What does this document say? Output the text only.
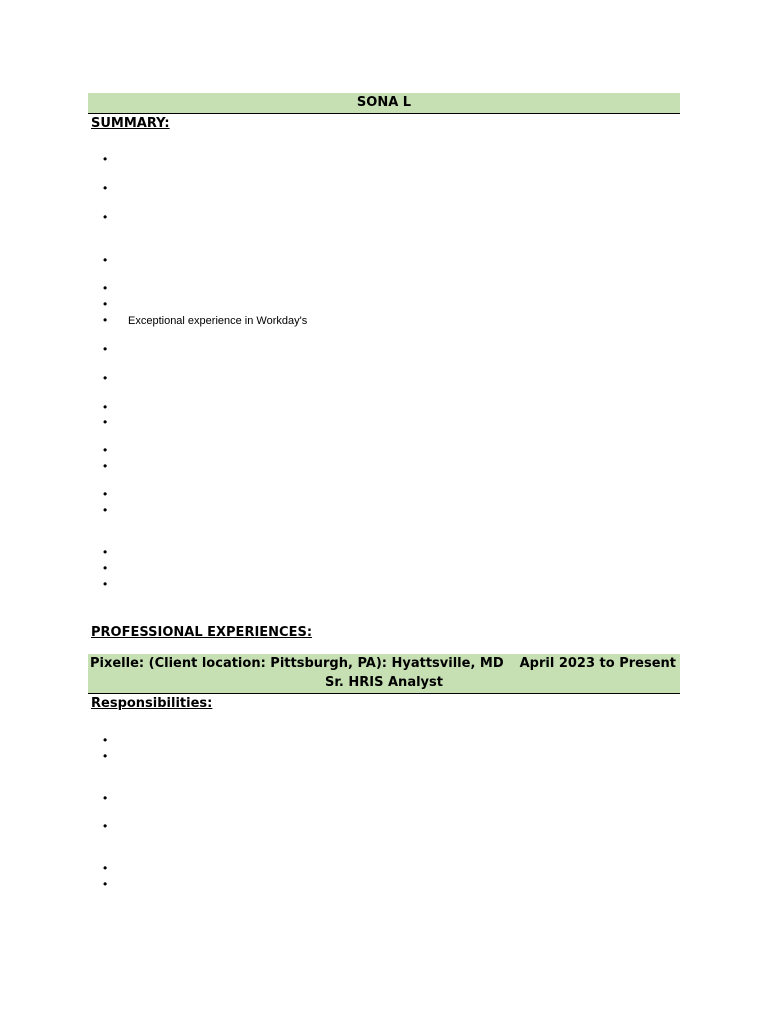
SONA L
SUMMARY:
•
•
•
•
•
•
• Exceptional experience in Workday's
•
•
•
•
•
•
•
•
•
•
•
PROFESSIONAL EXPERIENCES:
Pixelle: (Client location: Pittsburgh, PA): Hyattsville, MD April 2023 to Present
Sr. HRIS Analyst
Responsibilities:
•
•
•
•
•
•
